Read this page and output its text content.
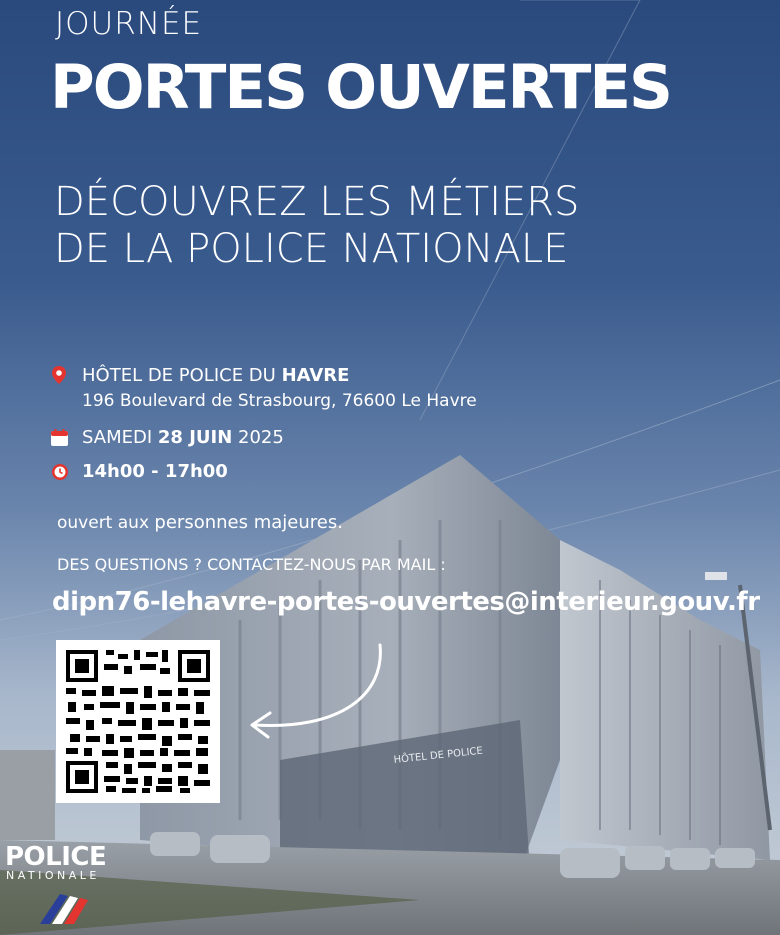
HÔTEL DE POLICE
JOURNÉE
PORTES OUVERTES
DÉCOUVREZ LES MÉTIERS
DE LA POLICE NATIONALE
HÔTEL DE POLICE DU HAVRE
196 Boulevard de Strasbourg, 76600 Le Havre
SAMEDI 28 JUIN 2025
14h00 - 17h00
ouvert aux personnes majeures.
DES QUESTIONS ? CONTACTEZ-NOUS PAR MAIL :
dipn76-lehavre-portes-ouvertes@interieur.gouv.fr
POLICE
NATIONALE
